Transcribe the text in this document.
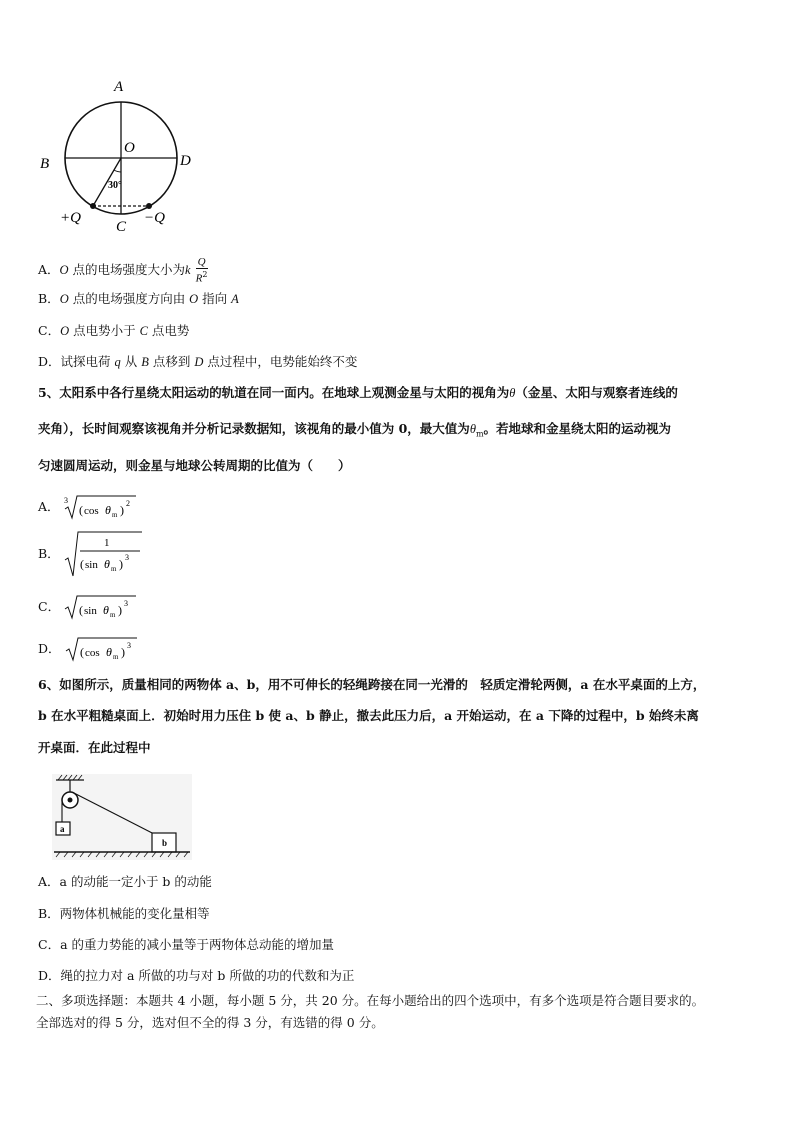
A
B
O
D
C
+Q	−Q
30°
A．O 点的电场强度大小为k $\frac{Q}{R^2}$
B．O 点的电场强度方向由 O 指向 A
C．O 点电势小于 C 点电势
D．试探电荷 q 从 B 点移到 D 点过程中，电势能始终不变
5、太阳系中各行星绕太阳运动的轨道在同一面内。在地球上观测金星与太阳的视角为θ（金星、太阳与观察者连线的
夹角），长时间观察该视角并分析记录数据知，该视角的最小值为 0，最大值为$\theta_m$。若地球和金星绕太阳的运动视为
匀速圆周运动，则金星与地球公转周期的比值为（　　）
A． 3
( cos θ m ) 2
B．
1
( sin θ m ) 3
C． ( sin θ m ) 3
D． ( cos θ m ) 3
6、如图所示，质量相同的两物体 a、b，用不可伸长的轻绳跨接在同一光滑的　轻质定滑轮两侧，a 在水平桌面的上方，
b 在水平粗糙桌面上．初始时用力压住 b 使 a、b 静止，撤去此压力后，a 开始运动，在 a 下降的过程中，b 始终未离
开桌面．在此过程中
a
b
A．a 的动能一定小于 b 的动能
B．两物体机械能的变化量相等
C．a 的重力势能的减小量等于两物体总动能的增加量
D．绳的拉力对 a 所做的功与对 b 所做的功的代数和为正
二、多项选择题：本题共 4 小题，每小题 5 分，共 20 分。在每小题给出的四个选项中，有多个选项是符合题目要求的。
全部选对的得 5 分，选对但不全的得 3 分，有选错的得 0 分。
